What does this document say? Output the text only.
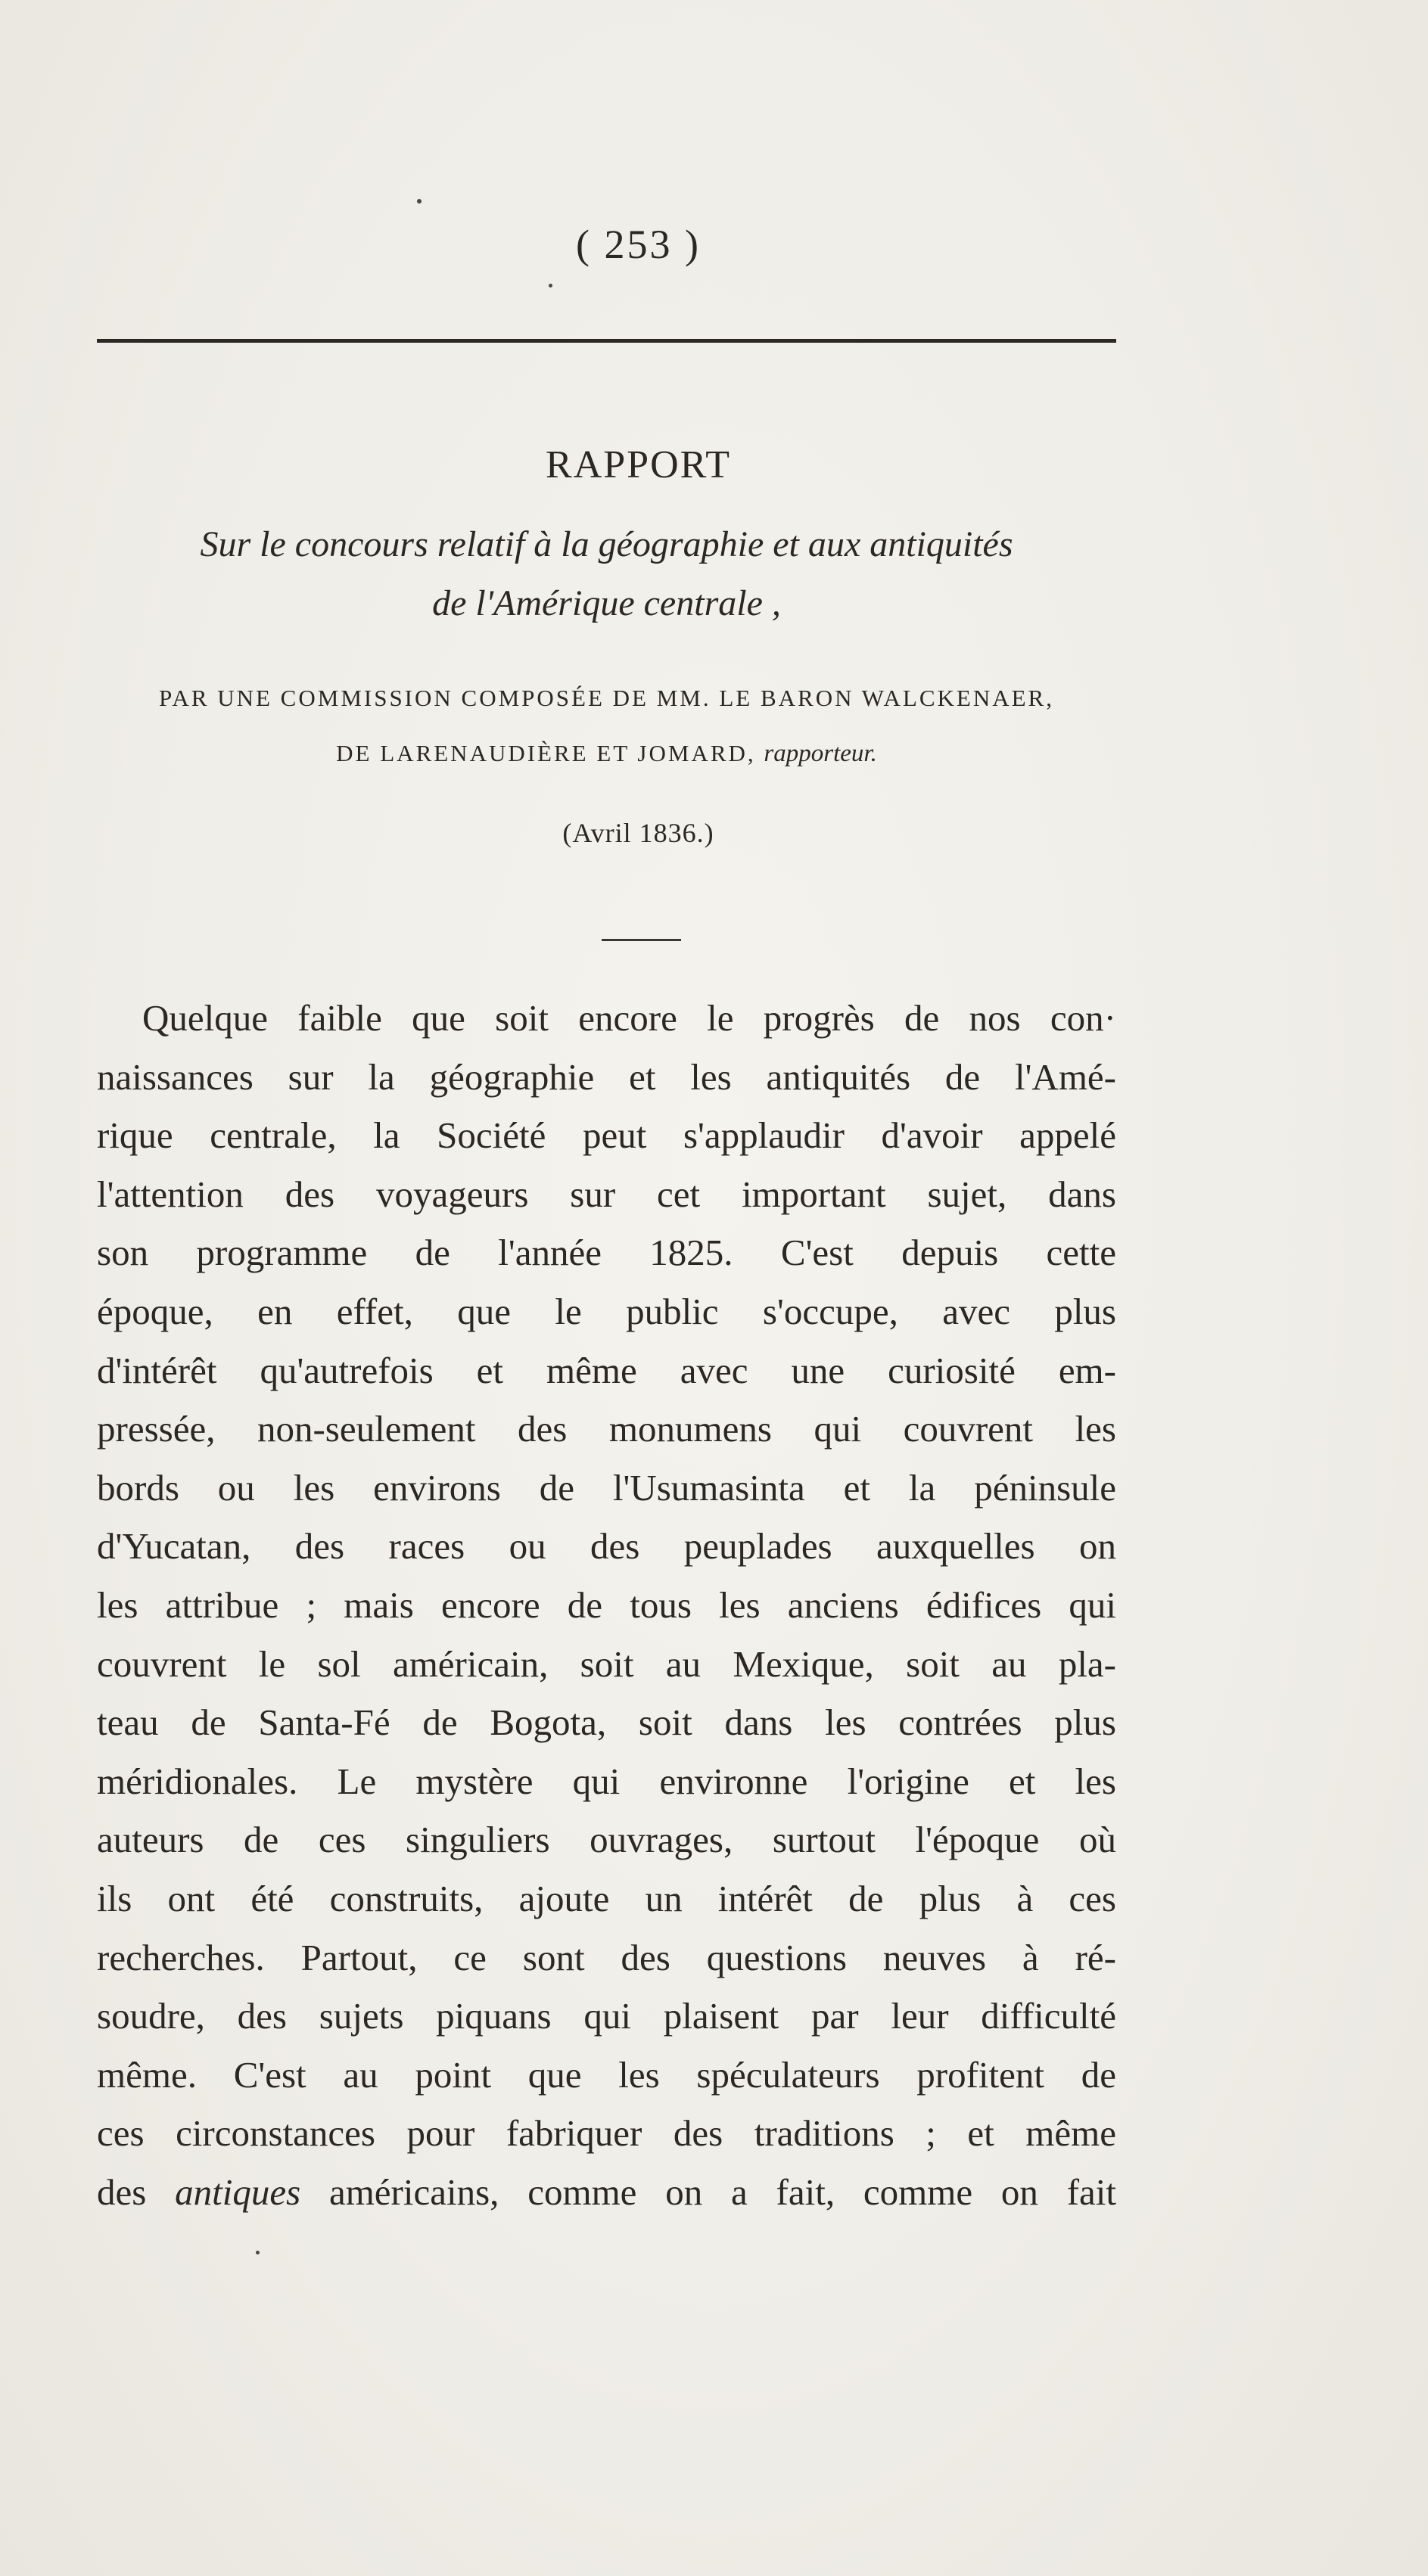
( 253 )
RAPPORT
Sur le concours relatif à la géographie et aux antiquités
de l'Amérique centrale ,
PAR UNE COMMISSION COMPOSÉE DE MM. LE BARON WALCKENAER,
DE LARENAUDIÈRE ET JOMARD, rapporteur.
(Avril 1836.)
Quelque faible que soit encore le progrès de nos con·
naissances sur la géographie et les antiquités de l'Amé-
rique centrale, la Société peut s'applaudir d'avoir appelé
l'attention des voyageurs sur cet important sujet, dans
son programme de l'année 1825. C'est depuis cette
époque, en effet, que le public s'occupe, avec plus
d'intérêt qu'autrefois et même avec une curiosité em-
pressée, non-seulement des monumens qui couvrent les
bords ou les environs de l'Usumasinta et la péninsule
d'Yucatan, des races ou des peuplades auxquelles on
les attribue ; mais encore de tous les anciens édifices qui
couvrent le sol américain, soit au Mexique, soit au pla-
teau de Santa-Fé de Bogota, soit dans les contrées plus
méridionales. Le mystère qui environne l'origine et les
auteurs de ces singuliers ouvrages, surtout l'époque où
ils ont été construits, ajoute un intérêt de plus à ces
recherches. Partout, ce sont des questions neuves à ré-
soudre, des sujets piquans qui plaisent par leur difficulté
même. C'est au point que les spéculateurs profitent de
ces circonstances pour fabriquer des traditions ; et même
des antiques américains, comme on a fait, comme on fait
